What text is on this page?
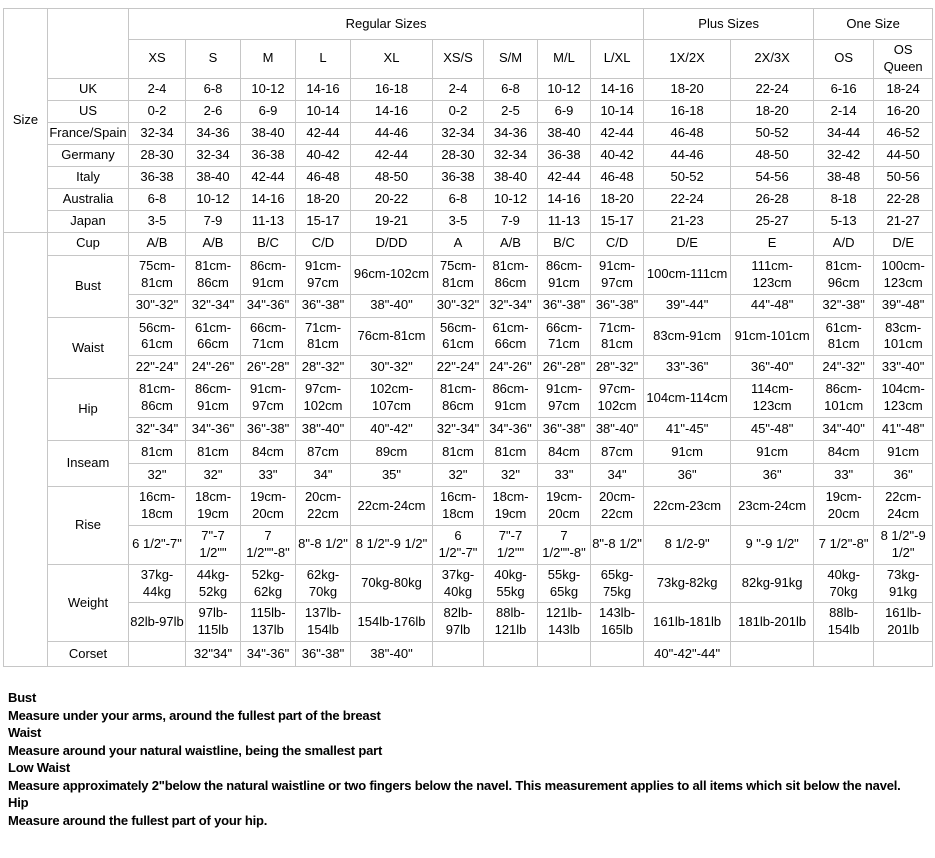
Size		Regular Sizes									Plus Sizes		One Size	
		XS	S	M	L	XL	XS/S	S/M	M/L	L/XL	1X/2X	2X/3X	OS	OS Queen
	UK	2-4	6-8	10-12	14-16	16-18	2-4	6-8	10-12	14-16	18-20	22-24	6-16	18-24
	US	0-2	2-6	6-9	10-14	14-16	0-2	2-5	6-9	10-14	16-18	18-20	2-14	16-20
	France/Spain	32-34	34-36	38-40	42-44	44-46	32-34	34-36	38-40	42-44	46-48	50-52	34-44	46-52
	Germany	28-30	32-34	36-38	40-42	42-44	28-30	32-34	36-38	40-42	44-46	48-50	32-42	44-50
	Italy	36-38	38-40	42-44	46-48	48-50	36-38	38-40	42-44	46-48	50-52	54-56	38-48	50-56
	Australia	6-8	10-12	14-16	18-20	20-22	6-8	10-12	14-16	18-20	22-24	26-28	8-18	22-28
	Japan	3-5	7-9	11-13	15-17	19-21	3-5	7-9	11-13	15-17	21-23	25-27	5-13	21-27
	Cup	A/B	A/B	B/C	C/D	D/DD	A	A/B	B/C	C/D	D/E	E	A/D	D/E
	Bust	75cm-81cm	81cm-86cm	86cm-91cm	91cm-97cm	96cm-102cm	75cm-81cm	81cm-86cm	86cm-91cm	91cm-97cm	100cm-111cm	111cm-123cm	81cm-96cm	100cm-123cm
		30"-32"	32"-34"	34"-36"	36"-38"	38"-40"	30"-32"	32"-34"	36"-38"	36"-38"	39"-44"	44"-48"	32"-38"	39"-48"
	Waist	56cm-61cm	61cm-66cm	66cm-71cm	71cm-81cm	76cm-81cm	56cm-61cm	61cm-66cm	66cm-71cm	71cm-81cm	83cm-91cm	91cm-101cm	61cm-81cm	83cm-101cm
		22"-24"	24"-26"	26"-28"	28"-32"	30"-32"	22"-24"	24"-26"	26"-28"	28"-32"	33"-36"	36"-40"	24"-32"	33"-40"
	Hip	81cm-86cm	86cm-91cm	91cm-97cm	97cm-102cm	102cm-107cm	81cm-86cm	86cm-91cm	91cm-97cm	97cm-102cm	104cm-114cm	114cm-123cm	86cm-101cm	104cm-123cm
		32"-34"	34"-36"	36"-38"	38"-40"	40"-42"	32"-34"	34"-36"	36"-38"	38"-40"	41"-45"	45"-48"	34"-40"	41"-48"
	Inseam	81cm	81cm	84cm	87cm	89cm	81cm	81cm	84cm	87cm	91cm	91cm	84cm	91cm
		32"	32"	33"	34"	35"	32"	32"	33"	34"	36"	36"	33"	36"
	Rise	16cm-18cm	18cm-19cm	19cm-20cm	20cm-22cm	22cm-24cm	16cm-18cm	18cm-19cm	19cm-20cm	20cm-22cm	22cm-23cm	23cm-24cm	19cm-20cm	22cm-24cm
		6 1/2"-7"	7"-7 1/2""	7 1/2""-8"	8"-8 1/2"	8 1/2"-9 1/2"	6 1/2"-7"	7"-7 1/2""	7 1/2""-8"	8"-8 1/2"	8 1/2-9"	9 "-9 1/2"	7 1/2"-8"	8 1/2"-9 1/2"
	Weight	37kg-44kg	44kg-52kg	52kg-62kg	62kg-70kg	70kg-80kg	37kg-40kg	40kg-55kg	55kg-65kg	65kg-75kg	73kg-82kg	82kg-91kg	40kg-70kg	73kg-91kg
		82lb-97lb	97lb-115lb	115lb-137lb	137lb-154lb	154lb-176lb	82lb-97lb	88lb-121lb	121lb-143lb	143lb-165lb	161lb-181lb	181lb-201lb	88lb-154lb	161lb-201lb
	Corset		32"34"	34"-36"	36"-38"	38"-40"					40"-42"-44"			
Bust
Measure under your arms, around the fullest part of the breast
Waist
Measure around your natural waistline, being the smallest part
Low Waist
Measure approximately 2"below the natural waistline or two fingers below the navel. This measurement applies to all items which sit below the navel.
Hip
Measure around the fullest part of your hip.
